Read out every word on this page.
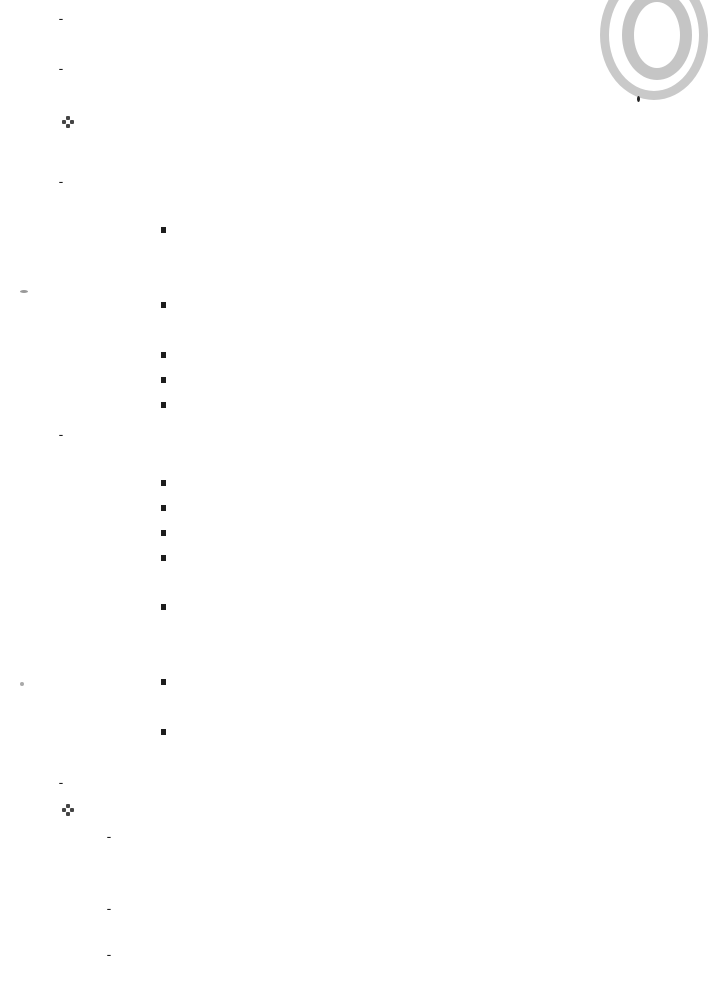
-
-
-
-
-
-
-
-
